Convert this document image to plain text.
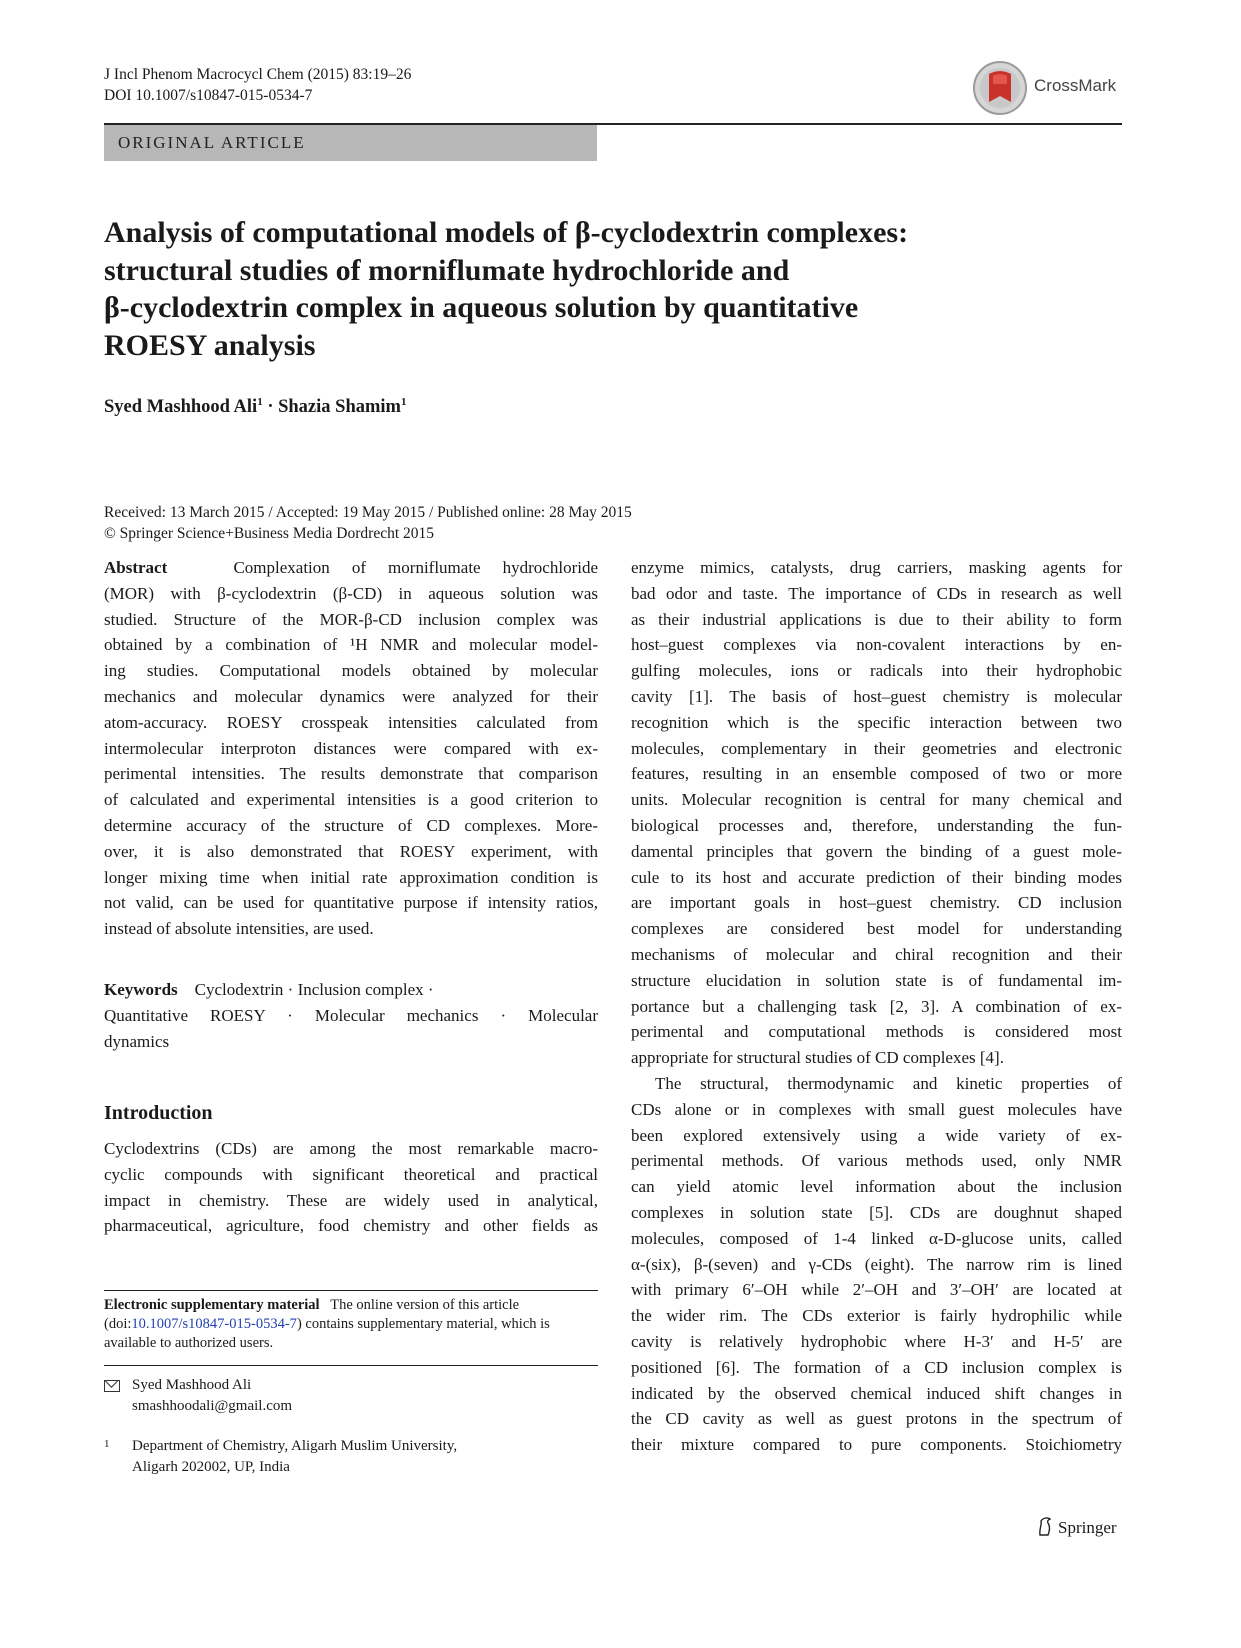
J Incl Phenom Macrocycl Chem (2015) 83:19–26
DOI 10.1007/s10847-015-0534-7
CrossMark
ORIGINAL ARTICLE
Analysis of computational models of β-cyclodextrin complexes:
structural studies of morniflumate hydrochloride and
β-cyclodextrin complex in aqueous solution by quantitative
ROESY analysis
Syed Mashhood Ali$^1$ · Shazia Shamim$^1$
Received: 13 March 2015 / Accepted: 19 May 2015 / Published online: 28 May 2015
© Springer Science+Business Media Dordrecht 2015
Abstract	Complexation of morniflumate hydrochloride
(MOR) with β-cyclodextrin (β-CD) in aqueous solution was
studied. Structure of the MOR-β-CD inclusion complex was
obtained by a combination of ¹H NMR and molecular model-
ing studies. Computational models obtained by molecular
mechanics and molecular dynamics were analyzed for their
atom-accuracy. ROESY crosspeak intensities calculated from
intermolecular interproton distances were compared with ex-
perimental intensities. The results demonstrate that comparison
of calculated and experimental intensities is a good criterion to
determine accuracy of the structure of CD complexes. More-
over, it is also demonstrated that ROESY experiment, with
longer mixing time when initial rate approximation condition is
not valid, can be used for quantitative purpose if intensity ratios,
instead of absolute intensities, are used.
Keywords Cyclodextrin · Inclusion complex ·
Quantitative ROESY · Molecular mechanics · Molecular
dynamics
Introduction
Cyclodextrins (CDs) are among the most remarkable macro-
cyclic compounds with significant theoretical and practical
impact in chemistry. These are widely used in analytical,
pharmaceutical, agriculture, food chemistry and other fields as
Electronic supplementary material The online version of this article (doi:10.1007/s10847-015-0534-7) contains supplementary material, which is available to authorized users.
Syed Mashhood Ali
smashhoodali@gmail.com
1	Department of Chemistry, Aligarh Muslim University,
Aligarh 202002, UP, India
enzyme mimics, catalysts, drug carriers, masking agents for
bad odor and taste. The importance of CDs in research as well
as their industrial applications is due to their ability to form
host–guest complexes via non-covalent interactions by en-
gulfing molecules, ions or radicals into their hydrophobic
cavity [1]. The basis of host–guest chemistry is molecular
recognition which is the specific interaction between two
molecules, complementary in their geometries and electronic
features, resulting in an ensemble composed of two or more
units. Molecular recognition is central for many chemical and
biological processes and, therefore, understanding the fun-
damental principles that govern the binding of a guest mole-
cule to its host and accurate prediction of their binding modes
are important goals in host–guest chemistry. CD inclusion
complexes are considered best model for understanding
mechanisms of molecular and chiral recognition and their
structure elucidation in solution state is of fundamental im-
portance but a challenging task [2, 3]. A combination of ex-
perimental and computational methods is considered most
appropriate for structural studies of CD complexes [4].
The structural, thermodynamic and kinetic properties of
CDs alone or in complexes with small guest molecules have
been explored extensively using a wide variety of ex-
perimental methods. Of various methods used, only NMR
can yield atomic level information about the inclusion
complexes in solution state [5]. CDs are doughnut shaped
molecules, composed of 1-4 linked α-D-glucose units, called
α-(six), β-(seven) and γ-CDs (eight). The narrow rim is lined
with primary 6′–OH while 2′–OH and 3′–OH′ are located at
the wider rim. The CDs exterior is fairly hydrophilic while
cavity is relatively hydrophobic where H-3′ and H-5′ are
positioned [6]. The formation of a CD inclusion complex is
indicated by the observed chemical induced shift changes in
the CD cavity as well as guest protons in the spectrum of
their mixture compared to pure components. Stoichiometry
Springer
